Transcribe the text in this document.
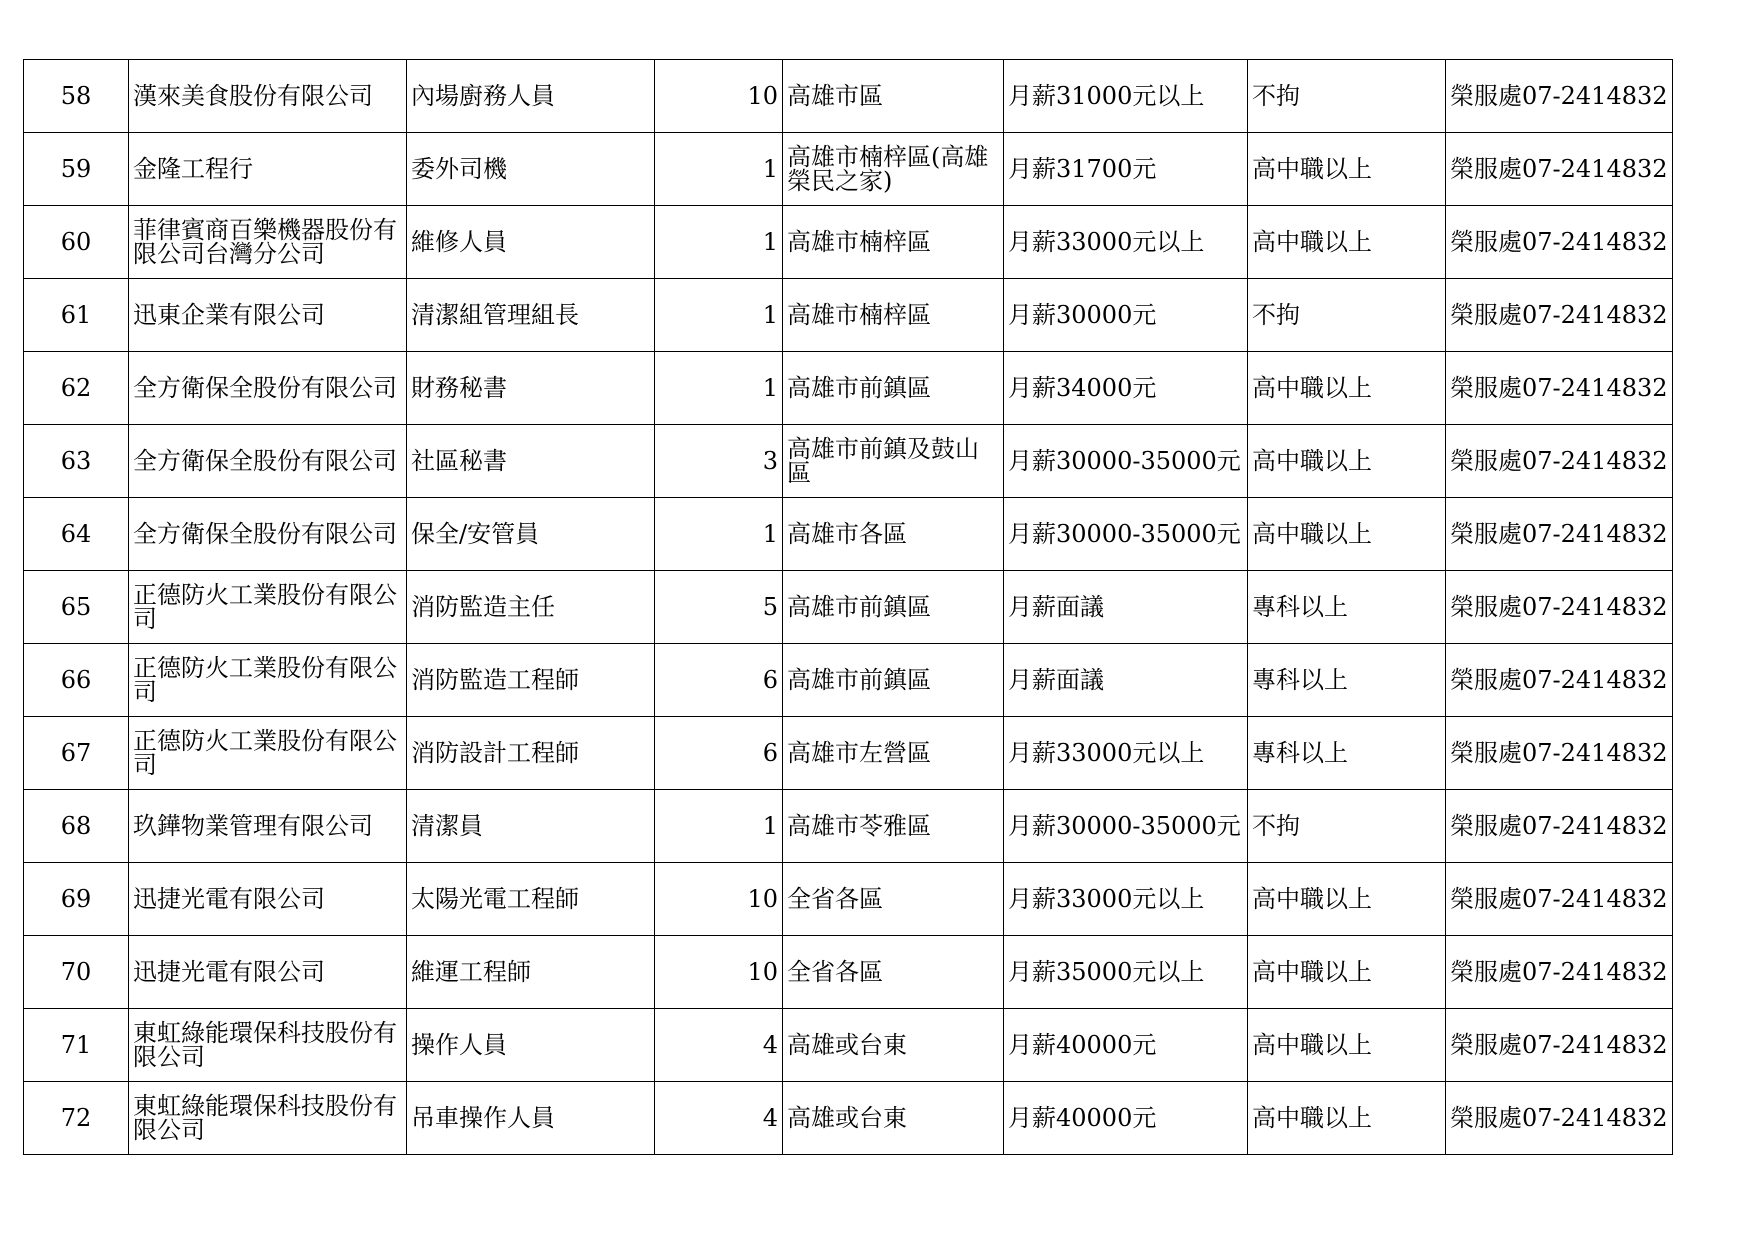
58	漢來美食股份有限公司	內場廚務人員	10	高雄市區	月薪31000元以上	不拘	榮服處07-2414832
59	金隆工程行	委外司機	1	高雄市楠梓區(高雄榮民之家)	月薪31700元	高中職以上	榮服處07-2414832
60	菲律賓商百樂機器股份有限公司台灣分公司	維修人員	1	高雄市楠梓區	月薪33000元以上	高中職以上	榮服處07-2414832
61	迅東企業有限公司	清潔組管理組長	1	高雄市楠梓區	月薪30000元	不拘	榮服處07-2414832
62	全方衛保全股份有限公司	財務秘書	1	高雄市前鎮區	月薪34000元	高中職以上	榮服處07-2414832
63	全方衛保全股份有限公司	社區秘書	3	高雄市前鎮及鼓山區	月薪30000-35000元	高中職以上	榮服處07-2414832
64	全方衛保全股份有限公司	保全/安管員	1	高雄市各區	月薪30000-35000元	高中職以上	榮服處07-2414832
65	正德防火工業股份有限公司	消防監造主任	5	高雄市前鎮區	月薪面議	專科以上	榮服處07-2414832
66	正德防火工業股份有限公司	消防監造工程師	6	高雄市前鎮區	月薪面議	專科以上	榮服處07-2414832
67	正德防火工業股份有限公司	消防設計工程師	6	高雄市左營區	月薪33000元以上	專科以上	榮服處07-2414832
68	玖鏵物業管理有限公司	清潔員	1	高雄市苓雅區	月薪30000-35000元	不拘	榮服處07-2414832
69	迅捷光電有限公司	太陽光電工程師	10	全省各區	月薪33000元以上	高中職以上	榮服處07-2414832
70	迅捷光電有限公司	維運工程師	10	全省各區	月薪35000元以上	高中職以上	榮服處07-2414832
71	東虹綠能環保科技股份有限公司	操作人員	4	高雄或台東	月薪40000元	高中職以上	榮服處07-2414832
72	東虹綠能環保科技股份有限公司	吊車操作人員	4	高雄或台東	月薪40000元	高中職以上	榮服處07-2414832
